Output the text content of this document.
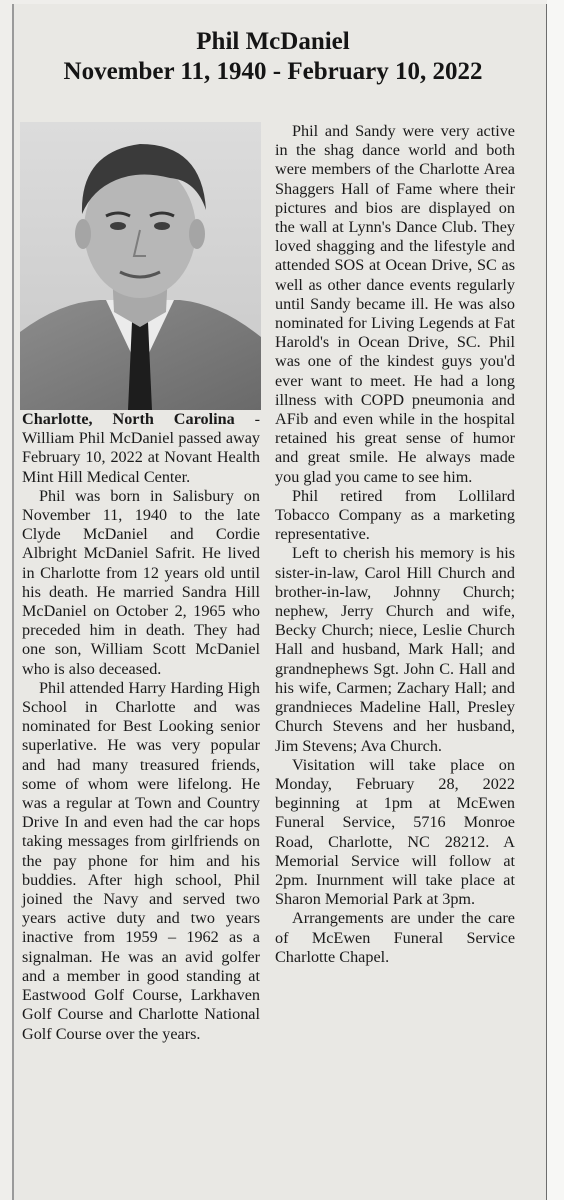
Phil McDaniel
November 11, 1940 - February 10, 2022

Charlotte, North Carolina - William Phil McDaniel passed away February 10, 2022 at Novant Health Mint Hill Medical Center.

Phil was born in Salisbury on November 11, 1940 to the late Clyde McDaniel and Cordie Albright McDaniel Safrit. He lived in Charlotte from 12 years old until his death. He married Sandra Hill McDaniel on October 2, 1965 who preceded him in death. They had one son, William Scott McDaniel who is also deceased.

Phil attended Harry Harding High School in Charlotte and was nominated for Best Looking senior superlative. He was very popular and had many treasured friends, some of whom were lifelong. He was a regular at Town and Country Drive In and even had the car hops taking messages from girlfriends on the pay phone for him and his buddies. After high school, Phil joined the Navy and served two years active duty and two years inactive from 1959 – 1962 as a signalman. He was an avid golfer and a member in good standing at Eastwood Golf Course, Larkhaven Golf Course and Charlotte National Golf Course over the years.

Phil and Sandy were very active in the shag dance world and both were members of the Charlotte Area Shaggers Hall of Fame where their pictures and bios are displayed on the wall at Lynn's Dance Club. They loved shagging and the lifestyle and attended SOS at Ocean Drive, SC as well as other dance events regularly until Sandy became ill. He was also nominated for Living Legends at Fat Harold's in Ocean Drive, SC. Phil was one of the kindest guys you'd ever want to meet. He had a long illness with COPD pneumonia and AFib and even while in the hospital retained his great sense of humor and great smile. He always made you glad you came to see him.

Phil retired from Lollilard Tobacco Company as a marketing representative.

Left to cherish his memory is his sister-in-law, Carol Hill Church and brother-in-law, Johnny Church; nephew, Jerry Church and wife, Becky Church; niece, Leslie Church Hall and husband, Mark Hall; and grandnephews Sgt. John C. Hall and his wife, Carmen; Zachary Hall; and grandnieces Madeline Hall, Presley Church Stevens and her husband, Jim Stevens; Ava Church.

Visitation will take place on Monday, February 28, 2022 beginning at 1pm at McEwen Funeral Service, 5716 Monroe Road, Charlotte, NC 28212. A Memorial Service will follow at 2pm. Inurnment will take place at Sharon Memorial Park at 3pm.

Arrangements are under the care of McEwen Funeral Service Charlotte Chapel.
